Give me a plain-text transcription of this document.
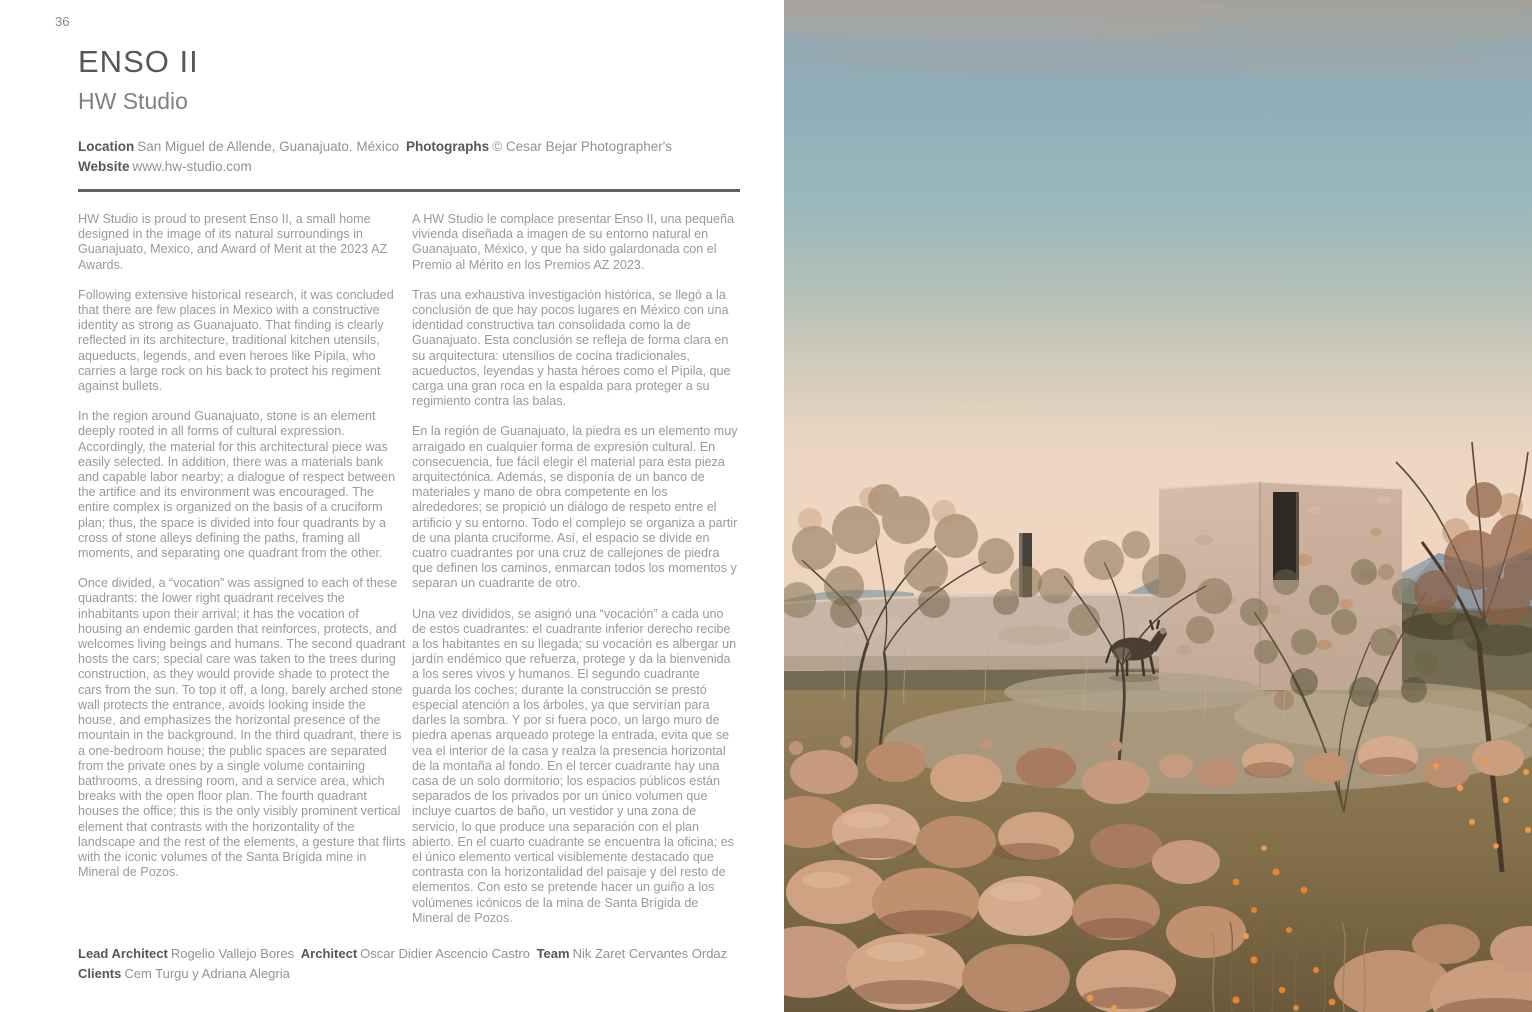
36
ENSO II
HW Studio
Location San Miguel de Allende, Guanajuato. México Photographs © Cesar Bejar Photographer's
Website www.hw-studio.com

HW Studio is proud to present Enso II, a small home designed in the image of its natural surroundings in Guanajuato, Mexico, and Award of Merit at the 2023 AZ Awards.

Following extensive historical research, it was concluded that there are few places in Mexico with a constructive identity as strong as Guanajuato. That finding is clearly reflected in its architecture, traditional kitchen utensils, aqueducts, legends, and even heroes like Pípila, who carries a large rock on his back to protect his regiment against bullets.

In the region around Guanajuato, stone is an element deeply rooted in all forms of cultural expression. Accordingly, the material for this architectural piece was easily selected. In addition, there was a materials bank and capable labor nearby; a dialogue of respect between the artifice and its environment was encouraged. The entire complex is organized on the basis of a cruciform plan; thus, the space is divided into four quadrants by a cross of stone alleys defining the paths, framing all moments, and separating one quadrant from the other.

Once divided, a “vocation” was assigned to each of these quadrants: the lower right quadrant receives the inhabitants upon their arrival; it has the vocation of housing an endemic garden that reinforces, protects, and welcomes living beings and humans. The second quadrant hosts the cars; special care was taken to the trees during construction, as they would provide shade to protect the cars from the sun. To top it off, a long, barely arched stone wall protects the entrance, avoids looking inside the house, and emphasizes the horizontal presence of the mountain in the background. In the third quadrant, there is a one-bedroom house; the public spaces are separated from the private ones by a single volume containing bathrooms, a dressing room, and a service area, which breaks with the open floor plan. The fourth quadrant houses the office; this is the only visibly prominent vertical element that contrasts with the horizontality of the landscape and the rest of the elements, a gesture that flirts with the iconic volumes of the Santa Brígida mine in Mineral de Pozos.

A HW Studio le complace presentar Enso II, una pequeña vivienda diseñada a imagen de su entorno natural en Guanajuato, México, y que ha sido galardonada con el Premio al Mérito en los Premios AZ 2023.

Tras una exhaustiva investigación histórica, se llegó a la conclusión de que hay pocos lugares en México con una identidad constructiva tan consolidada como la de Guanajuato. Esta conclusión se refleja de forma clara en su arquitectura: utensilios de cocina tradicionales, acueductos, leyendas y hasta héroes como el Pípila, que carga una gran roca en la espalda para proteger a su regimiento contra las balas.

En la región de Guanajuato, la piedra es un elemento muy arraigado en cualquier forma de expresión cultural. En consecuencia, fue fácil elegir el material para esta pieza arquitectónica. Además, se disponía de un banco de materiales y mano de obra competente en los alrededores; se propició un diálogo de respeto entre el artificio y su entorno. Todo el complejo se organiza a partir de una planta cruciforme. Así, el espacio se divide en cuatro cuadrantes por una cruz de callejones de piedra que definen los caminos, enmarcan todos los momentos y separan un cuadrante de otro.

Una vez divididos, se asignó una “vocación” a cada uno de estos cuadrantes: el cuadrante inferior derecho recibe a los habitantes en su llegada; su vocación es albergar un jardín endémico que refuerza, protege y da la bienvenida a los seres vivos y humanos. El segundo cuadrante guarda los coches; durante la construcción se prestó especial atención a los árboles, ya que servirían para darles la sombra. Y por si fuera poco, un largo muro de piedra apenas arqueado protege la entrada, evita que se vea el interior de la casa y realza la presencia horizontal de la montaña al fondo. En el tercer cuadrante hay una casa de un solo dormitorio; los espacios públicos están separados de los privados por un único volumen que incluye cuartos de baño, un vestidor y una zona de servicio, lo que produce una separación con el plan abierto. En el cuarto cuadrante se encuentra la oficina; es el único elemento vertical visiblemente destacado que contrasta con la horizontalidad del paisaje y del resto de elementos. Con esto se pretende hacer un guiño a los volúmenes icónicos de la mina de Santa Brígida de Mineral de Pozos.

Lead Architect Rogelio Vallejo Bores Architect Oscar Didier Ascencio Castro Team Nik Zaret Cervantes Ordaz
Clients Cem Turgu y Adriana Alegria
